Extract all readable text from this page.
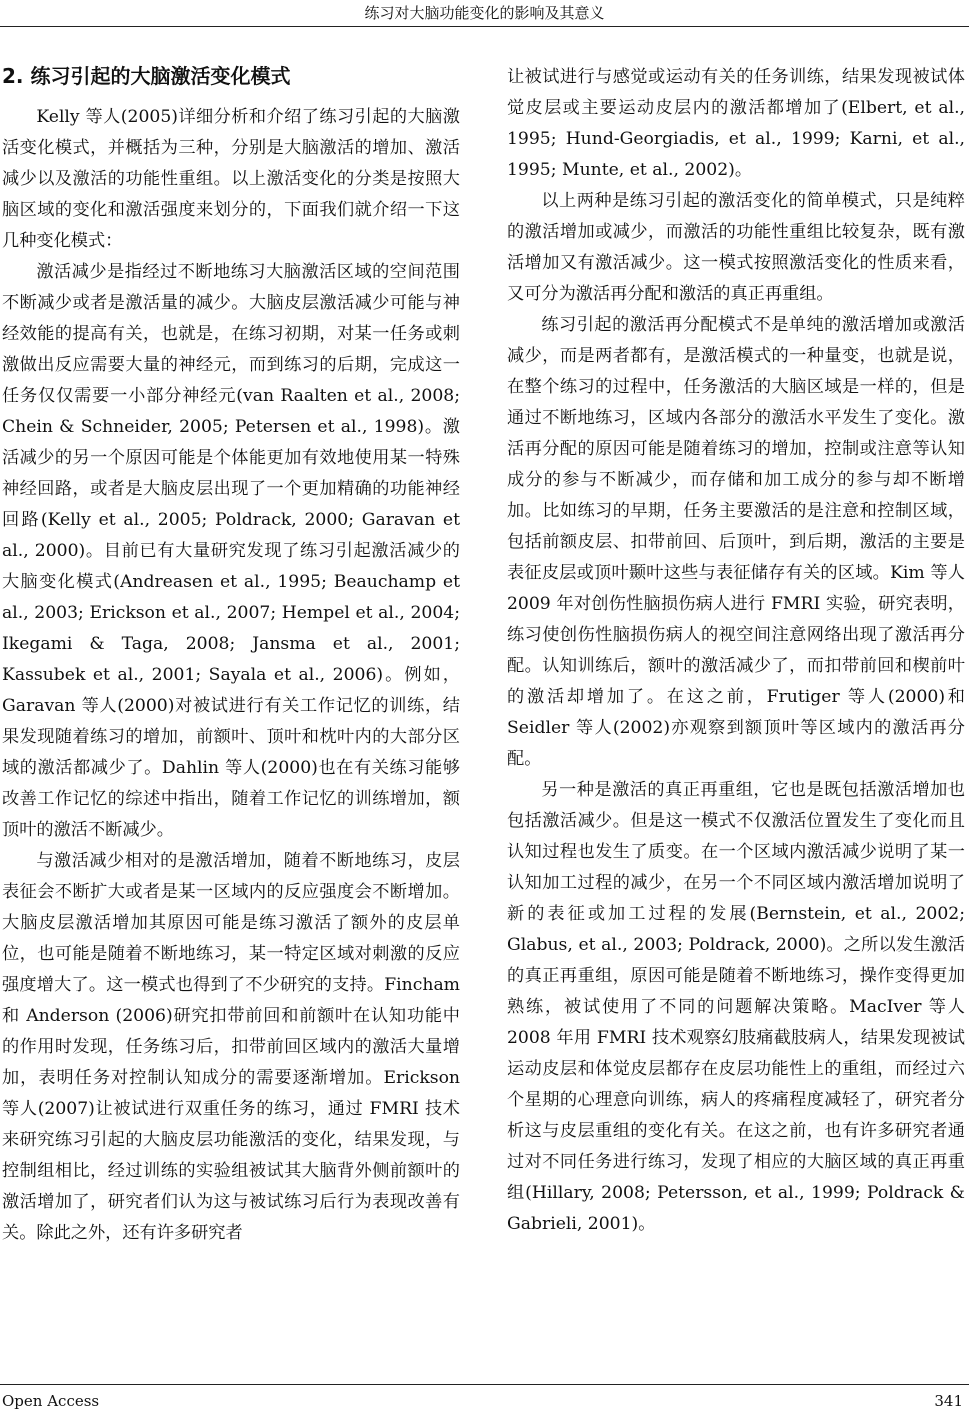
练习对大脑功能变化的影响及其意义
2. 练习引起的大脑激活变化模式

Kelly 等人(2005)详细分析和介绍了练习引起的大脑激活变化模式，并概括为三种，分别是大脑激活的增加、激活减少以及激活的功能性重组。以上激活变化的分类是按照大脑区域的变化和激活强度来划分的，下面我们就介绍一下这几种变化模式：

激活减少是指经过不断地练习大脑激活区域的空间范围不断减少或者是激活量的减少。大脑皮层激活减少可能与神经效能的提高有关，也就是，在练习初期，对某一任务或刺激做出反应需要大量的神经元，而到练习的后期，完成这一任务仅仅需要一小部分神经元(van Raalten et al., 2008; Chein & Schneider, 2005; Petersen et al., 1998)。激活减少的另一个原因可能是个体能更加有效地使用某一特殊神经回路，或者是大脑皮层出现了一个更加精确的功能神经回路(Kelly et al., 2005; Poldrack, 2000; Garavan et al., 2000)。目前已有大量研究发现了练习引起激活减少的大脑变化模式(Andreasen et al., 1995; Beauchamp et al., 2003; Erickson et al., 2007; Hempel et al., 2004; Ikegami & Taga, 2008; Jansma et al., 2001; Kassubek et al., 2001; Sayala et al., 2006)。例如，Garavan 等人(2000)对被试进行有关工作记忆的训练，结果发现随着练习的增加，前额叶、顶叶和枕叶内的大部分区域的激活都减少了。Dahlin 等人(2000)也在有关练习能够改善工作记忆的综述中指出，随着工作记忆的训练增加，额顶叶的激活不断减少。

与激活减少相对的是激活增加，随着不断地练习，皮层表征会不断扩大或者是某一区域内的反应强度会不断增加。大脑皮层激活增加其原因可能是练习激活了额外的皮层单位，也可能是随着不断地练习，某一特定区域对刺激的反应强度增大了。这一模式也得到了不少研究的支持。Fincham 和 Anderson (2006)研究扣带前回和前额叶在认知功能中的作用时发现，任务练习后，扣带前回区域内的激活大量增加，表明任务对控制认知成分的需要逐渐增加。Erickson 等人(2007)让被试进行双重任务的练习，通过 FMRI 技术来研究练习引起的大脑皮层功能激活的变化，结果发现，与控制组相比，经过训练的实验组被试其大脑背外侧前额叶的激活增加了，研究者们认为这与被试练习后行为表现改善有关。除此之外，还有许多研究者

让被试进行与感觉或运动有关的任务训练，结果发现被试体觉皮层或主要运动皮层内的激活都增加了(Elbert, et al., 1995; Hund-Georgiadis, et al., 1999; Karni, et al., 1995; Munte, et al., 2002)。

以上两种是练习引起的激活变化的简单模式，只是纯粹的激活增加或减少，而激活的功能性重组比较复杂，既有激活增加又有激活减少。这一模式按照激活变化的性质来看，又可分为激活再分配和激活的真正再重组。

练习引起的激活再分配模式不是单纯的激活增加或激活减少，而是两者都有，是激活模式的一种量变，也就是说，在整个练习的过程中，任务激活的大脑区域是一样的，但是通过不断地练习，区域内各部分的激活水平发生了变化。激活再分配的原因可能是随着练习的增加，控制或注意等认知成分的参与不断减少，而存储和加工成分的参与却不断增加。比如练习的早期，任务主要激活的是注意和控制区域，包括前额皮层、扣带前回、后顶叶，到后期，激活的主要是表征皮层或顶叶颞叶这些与表征储存有关的区域。Kim 等人 2009 年对创伤性脑损伤病人进行 FMRI 实验，研究表明，练习使创伤性脑损伤病人的视空间注意网络出现了激活再分配。认知训练后，额叶的激活减少了，而扣带前回和楔前叶的激活却增加了。在这之前，Frutiger 等人(2000)和 Seidler 等人(2002)亦观察到额顶叶等区域内的激活再分配。

另一种是激活的真正再重组，它也是既包括激活增加也包括激活减少。但是这一模式不仅激活位置发生了变化而且认知过程也发生了质变。在一个区域内激活减少说明了某一认知加工过程的减少，在另一个不同区域内激活增加说明了新的表征或加工过程的发展(Bernstein, et al., 2002; Glabus, et al., 2003; Poldrack, 2000)。之所以发生激活的真正再重组，原因可能是随着不断地练习，操作变得更加熟练，被试使用了不同的问题解决策略。MacIver 等人 2008 年用 FMRI 技术观察幻肢痛截肢病人，结果发现被试运动皮层和体觉皮层都存在皮层功能性上的重组，而经过六个星期的心理意向训练，病人的疼痛程度减轻了，研究者分析这与皮层重组的变化有关。在这之前，也有许多研究者通过对不同任务进行练习，发现了相应的大脑区域的真正再重组(Hillary, 2008; Petersson, et al., 1999; Poldrack & Gabrieli, 2001)。

Open Access	341
